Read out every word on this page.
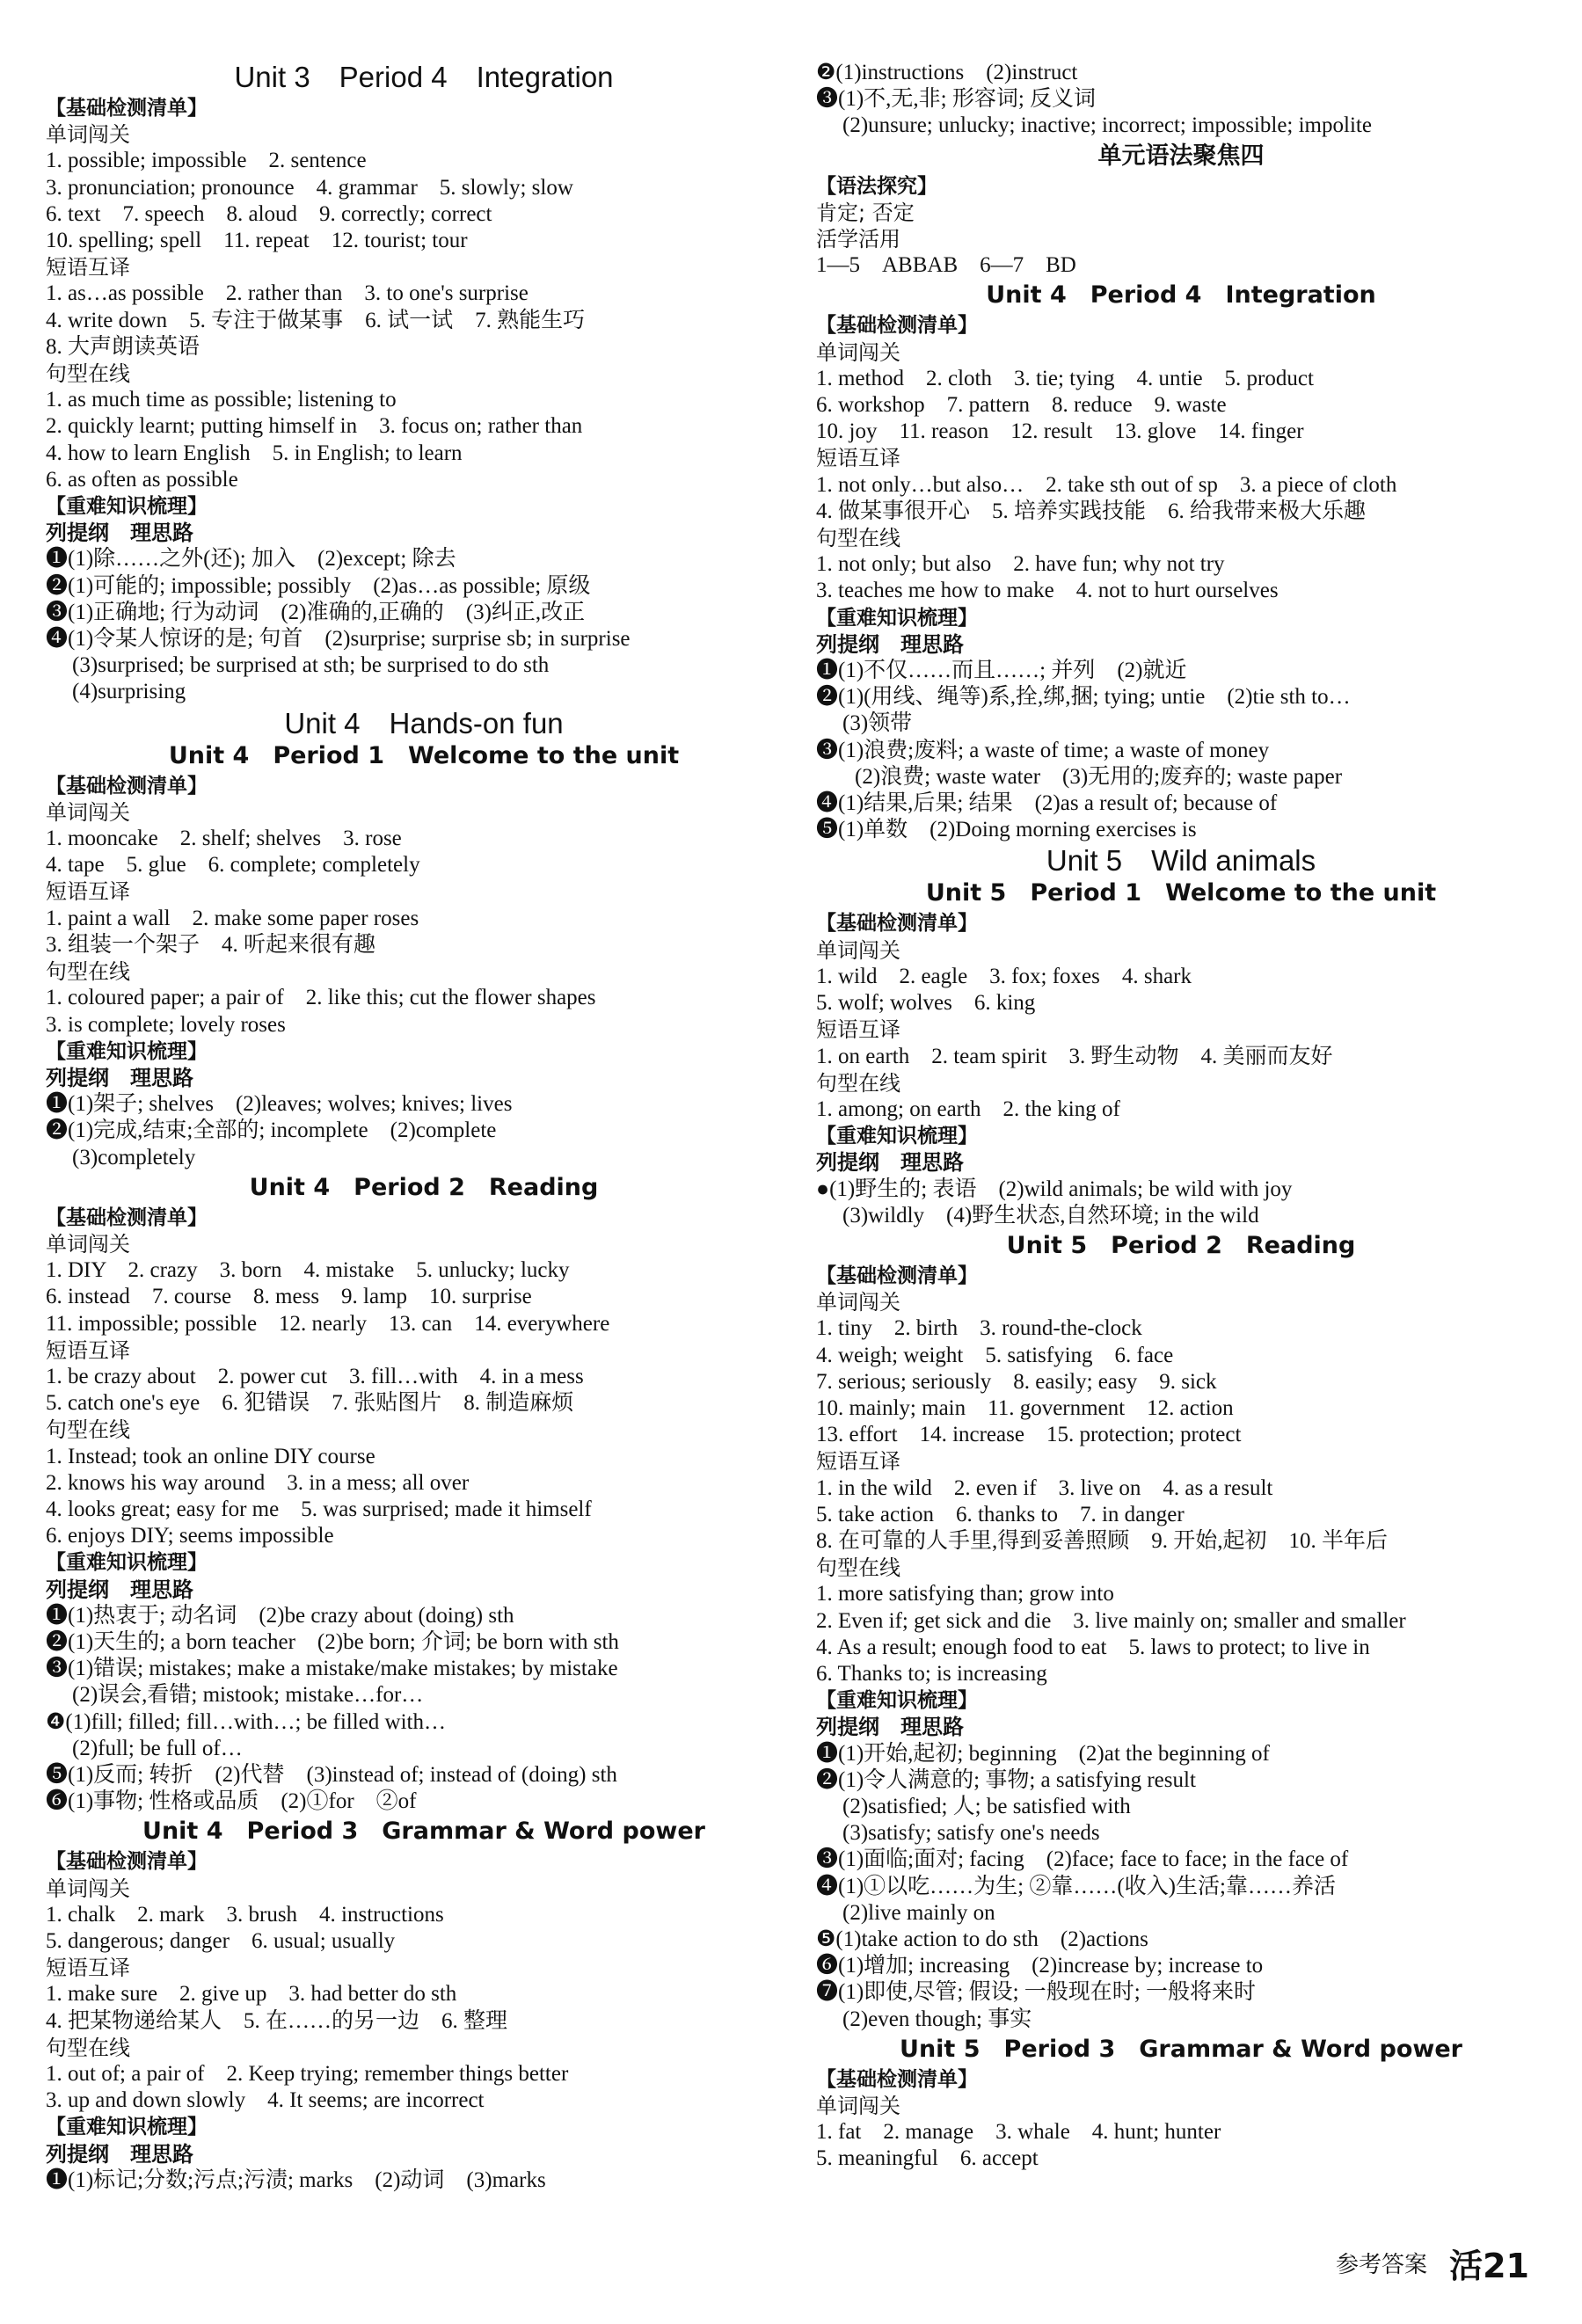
Unit 3　Period 4　Integration
【基础检测清单】
单词闯关
1. possible; impossible　2. sentence
3. pronunciation; pronounce　4. grammar　5. slowly; slow
6. text　7. speech　8. aloud　9. correctly; correct
10. spelling; spell　11. repeat　12. tourist; tour
短语互译
1. as…as possible　2. rather than　3. to one's surprise
4. write down　5. 专注于做某事　6. 试一试　7. 熟能生巧
8. 大声朗读英语
句型在线
1. as much time as possible; listening to
2. quickly learnt; putting himself in　3. focus on; rather than
4. how to learn English　5. in English; to learn
6. as often as possible
【重难知识梳理】
列提纲　理思路
❶(1)除……之外(还); 加入　(2)except; 除去
❷(1)可能的; impossible; possibly　(2)as…as possible; 原级
❸(1)正确地; 行为动词　(2)准确的,正确的　(3)纠正,改正
❹(1)令某人惊讶的是; 句首　(2)surprise; surprise sb; in surprise
(3)surprised; be surprised at sth; be surprised to do sth
(4)surprising
Unit 4　Hands-on fun
Unit 4　Period 1　Welcome to the unit
【基础检测清单】
单词闯关
1. mooncake　2. shelf; shelves　3. rose
4. tape　5. glue　6. complete; completely
短语互译
1. paint a wall　2. make some paper roses
3. 组装一个架子　4. 听起来很有趣
句型在线
1. coloured paper; a pair of　2. like this; cut the flower shapes
3. is complete; lovely roses
【重难知识梳理】
列提纲　理思路
❶(1)架子; shelves　(2)leaves; wolves; knives; lives
❷(1)完成,结束;全部的; incomplete　(2)complete
(3)completely
Unit 4　Period 2　Reading
【基础检测清单】
单词闯关
1. DIY　2. crazy　3. born　4. mistake　5. unlucky; lucky
6. instead　7. course　8. mess　9. lamp　10. surprise
11. impossible; possible　12. nearly　13. can　14. everywhere
短语互译
1. be crazy about　2. power cut　3. fill…with　4. in a mess
5. catch one's eye　6. 犯错误　7. 张贴图片　8. 制造麻烦
句型在线
1. Instead; took an online DIY course
2. knows his way around　3. in a mess; all over
4. looks great; easy for me　5. was surprised; made it himself
6. enjoys DIY; seems impossible
【重难知识梳理】
列提纲　理思路
❶(1)热衷于; 动名词　(2)be crazy about (doing) sth
❷(1)天生的; a born teacher　(2)be born; 介词; be born with sth
❸(1)错误; mistakes; make a mistake/make mistakes; by mistake
(2)误会,看错; mistook; mistake…for…
❹(1)fill; filled; fill…with…; be filled with…
(2)full; be full of…
❺(1)反而; 转折　(2)代替　(3)instead of; instead of (doing) sth
❻(1)事物; 性格或品质　(2)①for　②of
Unit 4　Period 3　Grammar & Word power
【基础检测清单】
单词闯关
1. chalk　2. mark　3. brush　4. instructions
5. dangerous; danger　6. usual; usually
短语互译
1. make sure　2. give up　3. had better do sth
4. 把某物递给某人　5. 在……的另一边　6. 整理
句型在线
1. out of; a pair of　2. Keep trying; remember things better
3. up and down slowly　4. It seems; are incorrect
【重难知识梳理】
列提纲　理思路
❶(1)标记;分数;污点;污渍; marks　(2)动词　(3)marks
❷(1)instructions　(2)instruct
❸(1)不,无,非; 形容词; 反义词
(2)unsure; unlucky; inactive; incorrect; impossible; impolite
单元语法聚焦四
【语法探究】
肯定; 否定
活学活用
1—5　ABBAB　6—7　BD
Unit 4　Period 4　Integration
【基础检测清单】
单词闯关
1. method　2. cloth　3. tie; tying　4. untie　5. product
6. workshop　7. pattern　8. reduce　9. waste
10. joy　11. reason　12. result　13. glove　14. finger
短语互译
1. not only…but also…　2. take sth out of sp　3. a piece of cloth
4. 做某事很开心　5. 培养实践技能　6. 给我带来极大乐趣
句型在线
1. not only; but also　2. have fun; why not try
3. teaches me how to make　4. not to hurt ourselves
【重难知识梳理】
列提纲　理思路
❶(1)不仅……而且……; 并列　(2)就近
❷(1)(用线、绳等)系,拴,绑,捆; tying; untie　(2)tie sth to…
(3)领带
❸(1)浪费;废料; a waste of time; a waste of money
(2)浪费; waste water　(3)无用的;废弃的; waste paper
❹(1)结果,后果; 结果　(2)as a result of; because of
❺(1)单数　(2)Doing morning exercises is
Unit 5　Wild animals
Unit 5　Period 1　Welcome to the unit
【基础检测清单】
单词闯关
1. wild　2. eagle　3. fox; foxes　4. shark
5. wolf; wolves　6. king
短语互译
1. on earth　2. team spirit　3. 野生动物　4. 美丽而友好
句型在线
1. among; on earth　2. the king of
【重难知识梳理】
列提纲　理思路
●(1)野生的; 表语　(2)wild animals; be wild with joy
(3)wildly　(4)野生状态,自然环境; in the wild
Unit 5　Period 2　Reading
【基础检测清单】
单词闯关
1. tiny　2. birth　3. round-the-clock
4. weigh; weight　5. satisfying　6. face
7. serious; seriously　8. easily; easy　9. sick
10. mainly; main　11. government　12. action
13. effort　14. increase　15. protection; protect
短语互译
1. in the wild　2. even if　3. live on　4. as a result
5. take action　6. thanks to　7. in danger
8. 在可靠的人手里,得到妥善照顾　9. 开始,起初　10. 半年后
句型在线
1. more satisfying than; grow into
2. Even if; get sick and die　3. live mainly on; smaller and smaller
4. As a result; enough food to eat　5. laws to protect; to live in
6. Thanks to; is increasing
【重难知识梳理】
列提纲　理思路
❶(1)开始,起初; beginning　(2)at the beginning of
❷(1)令人满意的; 事物; a satisfying result
(2)satisfied; 人; be satisfied with
(3)satisfy; satisfy one's needs
❸(1)面临;面对; facing　(2)face; face to face; in the face of
❹(1)①以吃……为生; ②靠……(收入)生活;靠……养活
(2)live mainly on
❺(1)take action to do sth　(2)actions
❻(1)增加; increasing　(2)increase by; increase to
❼(1)即使,尽管; 假设; 一般现在时; 一般将来时
(2)even though; 事实
Unit 5　Period 3　Grammar & Word power
【基础检测清单】
单词闯关
1. fat　2. manage　3. whale　4. hunt; hunter
5. meaningful　6. accept
参考答案 活21
